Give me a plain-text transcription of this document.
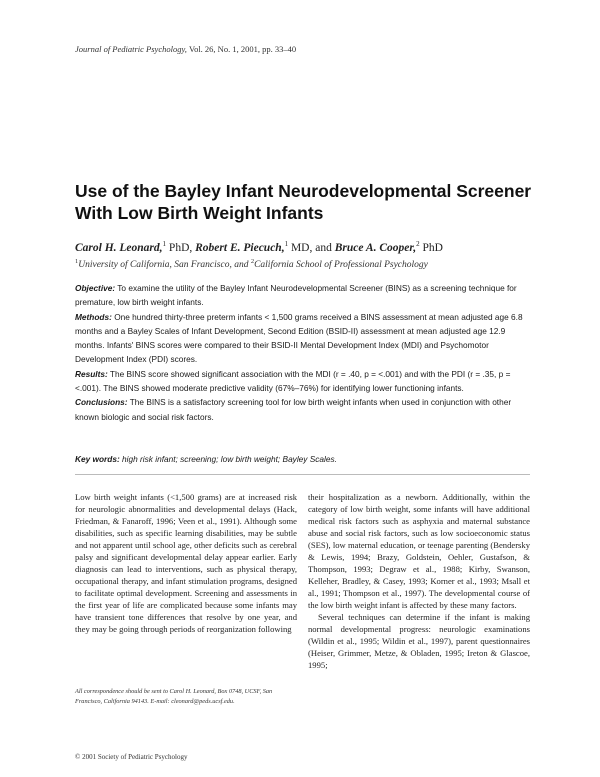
Journal of Pediatric Psychology, Vol. 26, No. 1, 2001, pp. 33–40
Use of the Bayley Infant Neurodevelopmental Screener With Low Birth Weight Infants
Carol H. Leonard,$^1$ PhD, Robert E. Piecuch,$^1$ MD, and Bruce A. Cooper,$^2$ PhD
$^1$University of California, San Francisco, and $^2$California School of Professional Psychology

Objective: To examine the utility of the Bayley Infant Neurodevelopmental Screener (BINS) as a screening technique for premature, low birth weight infants.

Methods: One hundred thirty-three preterm infants < 1,500 grams received a BINS assessment at mean adjusted age 6.8 months and a Bayley Scales of Infant Development, Second Edition (BSID-II) assessment at mean adjusted age 12.9 months. Infants' BINS scores were compared to their BSID-II Mental Development Index (MDI) and Psychomotor Development Index (PDI) scores.

Results: The BINS score showed significant association with the MDI (r = .40, p = <.001) and with the PDI (r = .35, p = <.001). The BINS showed moderate predictive validity (67%–76%) for identifying lower functioning infants.

Conclusions: The BINS is a satisfactory screening tool for low birth weight infants when used in conjunction with other known biologic and social risk factors.

Key words: high risk infant; screening; low birth weight; Bayley Scales.

Low birth weight infants (<1,500 grams) are at increased risk for neurologic abnormalities and developmental delays (Hack, Friedman, & Fanaroff, 1996; Veen et al., 1991). Although some disabilities, such as specific learning disabilities, may be subtle and not apparent until school age, other deficits such as cerebral palsy and significant developmental delay appear earlier. Early diagnosis can lead to interventions, such as physical therapy, occupational therapy, and infant stimulation programs, designed to facilitate optimal development. Screening and assessments in the first year of life are complicated because some infants may have transient tone differences that resolve by one year, and they may be going through periods of reorganization following

their hospitalization as a newborn. Additionally, within the category of low birth weight, some infants will have additional medical risk factors such as asphyxia and maternal substance abuse and social risk factors, such as low socioeconomic status (SES), low maternal education, or teenage parenting (Bendersky & Lewis, 1994; Brazy, Goldstein, Oehler, Gustafson, & Thompson, 1993; Degraw et al., 1988; Kirby, Swanson, Kelleher, Bradley, & Casey, 1993; Korner et al., 1993; Msall et al., 1991; Thompson et al., 1997). The developmental course of the low birth weight infant is affected by these many factors.

Several techniques can determine if the infant is making normal developmental progress: neurologic examinations (Wildin et al., 1995; Wildin et al., 1997), parent questionnaires (Heiser, Grimmer, Metze, & Obladen, 1995; Ireton & Glascoe, 1995;

All correspondence should be sent to Carol H. Leonard, Box 0748, UCSF, San Francisco, California 94143. E-mail: cleonard@peds.ucsf.edu.
© 2001 Society of Pediatric Psychology
